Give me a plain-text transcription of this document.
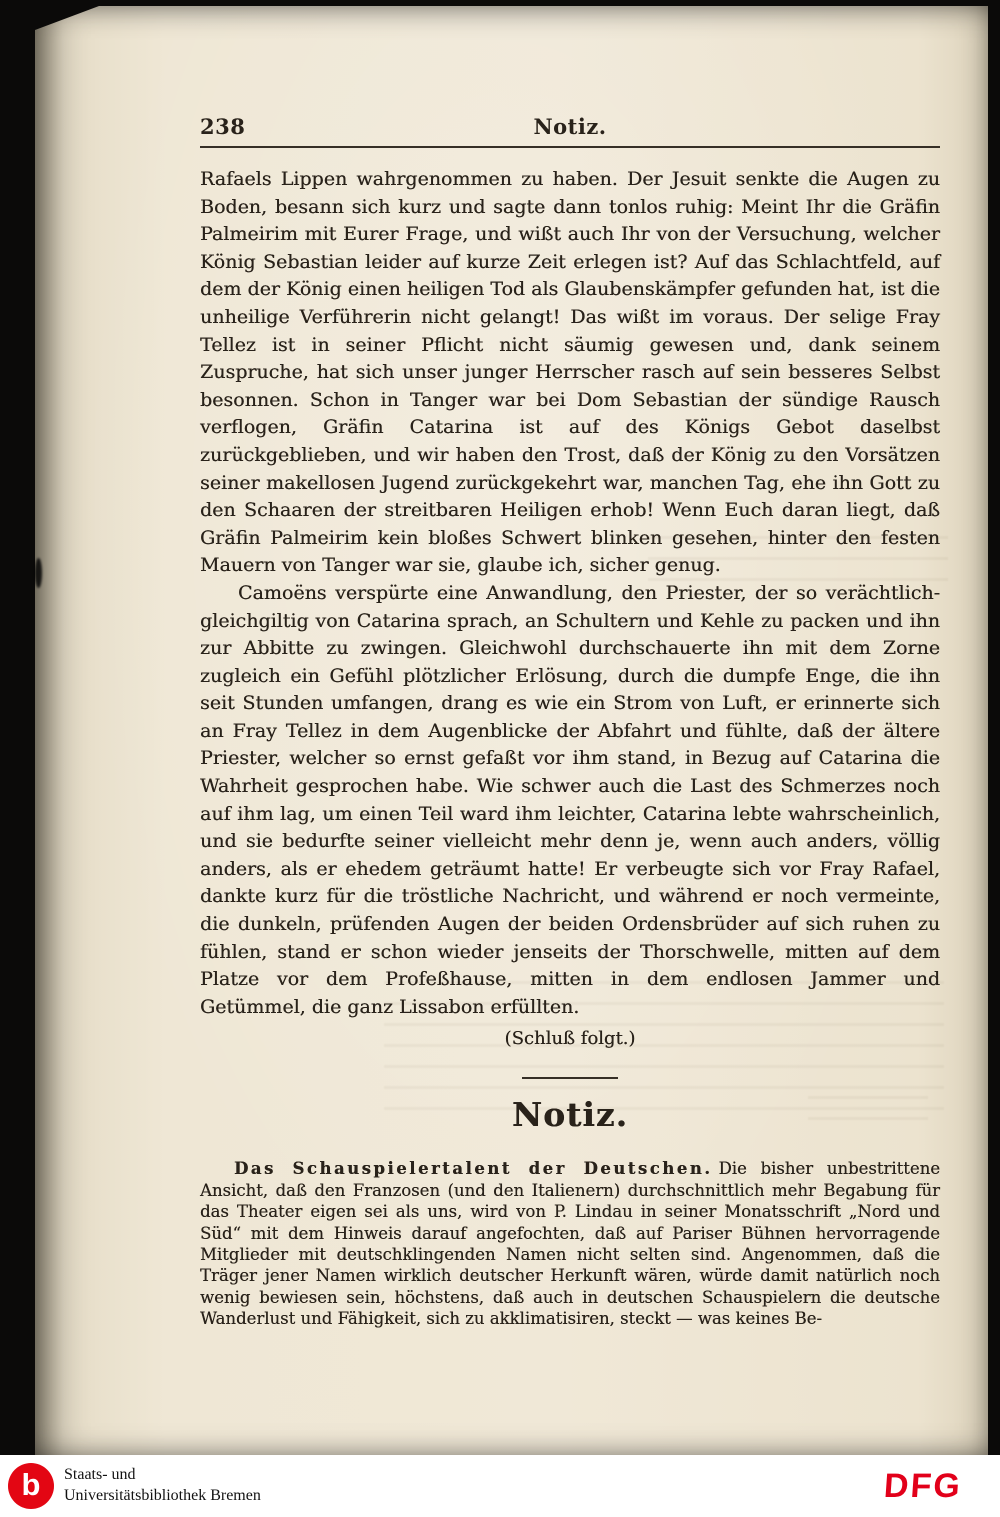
238	Notiz.

Rafaels Lippen wahrgenommen zu haben. Der Jesuit senkte die Augen zu Boden, besann sich kurz und sagte dann tonlos ruhig: Meint Ihr die Gräfin Palmeirim mit Eurer Frage, und wißt auch Ihr von der Versuchung, welcher König Sebastian leider auf kurze Zeit erlegen ist? Auf das Schlachtfeld, auf dem der König einen heiligen Tod als Glaubenskämpfer gefunden hat, ist die unheilige Verführerin nicht gelangt! Das wißt im voraus. Der selige Fray Tellez ist in seiner Pflicht nicht säumig gewesen und, dank seinem Zuspruche, hat sich unser junger Herrscher rasch auf sein besseres Selbst besonnen. Schon in Tanger war bei Dom Sebastian der sündige Rausch verflogen, Gräfin Catarina ist auf des Königs Gebot daselbst zurückgeblieben, und wir haben den Trost, daß der König zu den Vorsätzen seiner makellosen Jugend zurückgekehrt war, manchen Tag, ehe ihn Gott zu den Schaaren der streitbaren Heiligen erhob! Wenn Euch daran liegt, daß Gräfin Palmeirim kein bloßes Schwert blinken gesehen, hinter den festen Mauern von Tanger war sie, glaube ich, sicher genug.

Camoëns verspürte eine Anwandlung, den Priester, der so verächtlich-gleichgiltig von Catarina sprach, an Schultern und Kehle zu packen und ihn zur Abbitte zu zwingen. Gleichwohl durchschauerte ihn mit dem Zorne zugleich ein Gefühl plötzlicher Erlösung, durch die dumpfe Enge, die ihn seit Stunden umfangen, drang es wie ein Strom von Luft, er erinnerte sich an Fray Tellez in dem Augenblicke der Abfahrt und fühlte, daß der ältere Priester, welcher so ernst gefaßt vor ihm stand, in Bezug auf Catarina die Wahrheit gesprochen habe. Wie schwer auch die Last des Schmerzes noch auf ihm lag, um einen Teil ward ihm leichter, Catarina lebte wahrscheinlich, und sie bedurfte seiner vielleicht mehr denn je, wenn auch anders, völlig anders, als er ehedem geträumt hatte! Er verbeugte sich vor Fray Rafael, dankte kurz für die tröstliche Nachricht, und während er noch vermeinte, die dunkeln, prüfenden Augen der beiden Ordensbrüder auf sich ruhen zu fühlen, stand er schon wieder jenseits der Thorschwelle, mitten auf dem Platze vor dem Profeßhause, mitten in dem endlosen Jammer und Getümmel, die ganz Lissabon erfüllten.

(Schluß folgt.)

Notiz.

Das Schauspielertalent der Deutschen. Die bisher unbestrittene Ansicht, daß den Franzosen (und den Italienern) durchschnittlich mehr Begabung für das Theater eigen sei als uns, wird von P. Lindau in seiner Monatsschrift „Nord und Süd“ mit dem Hinweis darauf angefochten, daß auf Pariser Bühnen hervorragende Mitglieder mit deutschklingenden Namen nicht selten sind. Angenommen, daß die Träger jener Namen wirklich deutscher Herkunft wären, würde damit natürlich noch wenig bewiesen sein, höchstens, daß auch in deutschen Schauspielern die deutsche Wanderlust und Fähigkeit, sich zu akklimatisiren, steckt — was keines Be-

b Staats- und
Universitätsbibliothek Bremen	DFG
